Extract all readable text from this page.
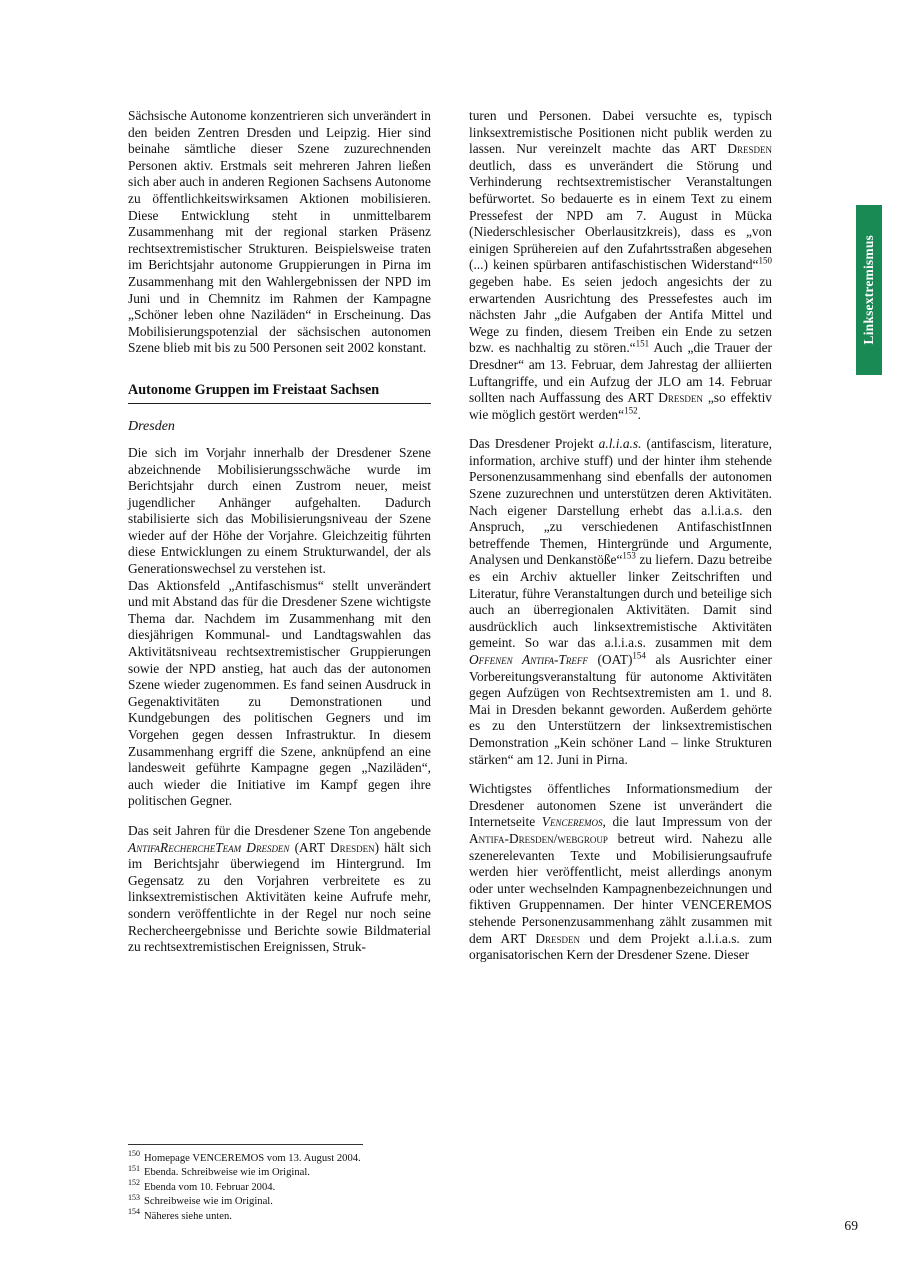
Linksextremismus

Sächsische Autonome konzentrieren sich unverändert in den beiden Zentren Dresden und Leipzig. Hier sind beinahe sämtliche dieser Szene zuzurechnenden Personen aktiv. Erstmals seit mehreren Jahren ließen sich aber auch in anderen Regionen Sachsens Autonome zu öffentlichkeitswirksamen Aktionen mobilisieren. Diese Entwicklung steht in unmittelbarem Zusammenhang mit der regional starken Präsenz rechtsextremistischer Strukturen. Beispielsweise traten im Berichtsjahr autonome Gruppierungen in Pirna im Zusammenhang mit den Wahlergebnissen der NPD im Juni und in Chemnitz im Rahmen der Kampagne „Schöner leben ohne Naziläden“ in Erscheinung. Das Mobilisierungspotenzial der sächsischen autonomen Szene blieb mit bis zu 500 Personen seit 2002 konstant.

Autonome Gruppen im Freistaat Sachsen
Dresden

Die sich im Vorjahr innerhalb der Dresdener Szene abzeichnende Mobilisierungsschwäche wurde im Berichtsjahr durch einen Zustrom neuer, meist jugendlicher Anhänger aufgehalten. Dadurch stabilisierte sich das Mobilisierungsniveau der Szene wieder auf der Höhe der Vorjahre. Gleichzeitig führten diese Entwicklungen zu einem Strukturwandel, der als Generationswechsel zu verstehen ist.

Das Aktionsfeld „Antifaschismus“ stellt unverändert und mit Abstand das für die Dresdener Szene wichtigste Thema dar. Nachdem im Zusammenhang mit den diesjährigen Kommunal- und Landtagswahlen das Aktivitätsniveau rechtsextremistischer Gruppierungen sowie der NPD anstieg, hat auch das der autonomen Szene wieder zugenommen. Es fand seinen Ausdruck in Gegenaktivitäten zu Demonstrationen und Kundgebungen des politischen Gegners und im Vorgehen gegen dessen Infrastruktur. In diesem Zusammenhang ergriff die Szene, anknüpfend an eine landesweit geführte Kampagne gegen „Naziläden“, auch wieder die Initiative im Kampf gegen ihre politischen Gegner.

Das seit Jahren für die Dresdener Szene Ton angebende AntifaRechercheTeam Dresden (ART Dresden) hält sich im Berichtsjahr überwiegend im Hintergrund. Im Gegensatz zu den Vorjahren verbreitete es zu linksextremistischen Aktivitäten keine Aufrufe mehr, sondern veröffentlichte in der Regel nur noch seine Rechercheergebnisse und Berichte sowie Bildmaterial zu rechtsextremistischen Ereignissen, Struk-

turen und Personen. Dabei versuchte es, typisch linksextremistische Positionen nicht publik werden zu lassen. Nur vereinzelt machte das ART Dresden deutlich, dass es unverändert die Störung und Verhinderung rechtsextremistischer Veranstaltungen befürwortet. So bedauerte es in einem Text zu einem Pressefest der NPD am 7. August in Mücka (Niederschlesischer Oberlausitzkreis), dass es „von einigen Sprühereien auf den Zufahrtsstraßen abgesehen (...) keinen spürbaren antifaschistischen Widerstand“$^{150}$ gegeben habe. Es seien jedoch angesichts der zu erwartenden Ausrichtung des Pressefestes auch im nächsten Jahr „die Aufgaben der Antifa Mittel und Wege zu finden, diesem Treiben ein Ende zu setzen bzw. es nachhaltig zu stören.“$^{151}$ Auch „die Trauer der Dresdner“ am 13. Februar, dem Jahrestag der alliierten Luftangriffe, und ein Aufzug der JLO am 14. Februar sollten nach Auffassung des ART Dresden „so effektiv wie möglich gestört werden“$^{152}$.

Das Dresdener Projekt a.l.i.a.s. (antifascism, literature, information, archive stuff) und der hinter ihm stehende Personenzusammenhang sind ebenfalls der autonomen Szene zuzurechnen und unterstützen deren Aktivitäten. Nach eigener Darstellung erhebt das a.l.i.a.s. den Anspruch, „zu verschiedenen AntifaschistInnen betreffende Themen, Hintergründe und Argumente, Analysen und Denkanstöße“$^{153}$ zu liefern. Dazu betreibe es ein Archiv aktueller linker Zeitschriften und Literatur, führe Veranstaltungen durch und beteilige sich auch an überregionalen Aktivitäten. Damit sind ausdrücklich auch linksextremistische Aktivitäten gemeint. So war das a.l.i.a.s. zusammen mit dem Offenen Antifa-Treff (OAT)$^{154}$ als Ausrichter einer Vorbereitungsveranstaltung für autonome Aktivitäten gegen Aufzügen von Rechtsextremisten am 1. und 8. Mai in Dresden bekannt geworden. Außerdem gehörte es zu den Unterstützern der linksextremistischen Demonstration „Kein schöner Land – linke Strukturen stärken“ am 12. Juni in Pirna.

Wichtigstes öffentliches Informationsmedium der Dresdener autonomen Szene ist unverändert die Internetseite Venceremos, die laut Impressum von der Antifa-Dresden/webgroup betreut wird. Nahezu alle szenerelevanten Texte und Mobilisierungsaufrufe werden hier veröffentlicht, meist allerdings anonym oder unter wechselnden Kampagnenbezeichnungen und fiktiven Gruppennamen. Der hinter VENCEREMOS stehende Personenzusammenhang zählt zusammen mit dem ART Dresden und dem Projekt a.l.i.a.s. zum organisatorischen Kern der Dresdener Szene. Dieser

$^{150}$ Homepage VENCEREMOS vom 13. August 2004.
$^{151}$ Ebenda. Schreibweise wie im Original.
$^{152}$ Ebenda vom 10. Februar 2004.
$^{153}$ Schreibweise wie im Original.
$^{154}$ Näheres siehe unten.
69
